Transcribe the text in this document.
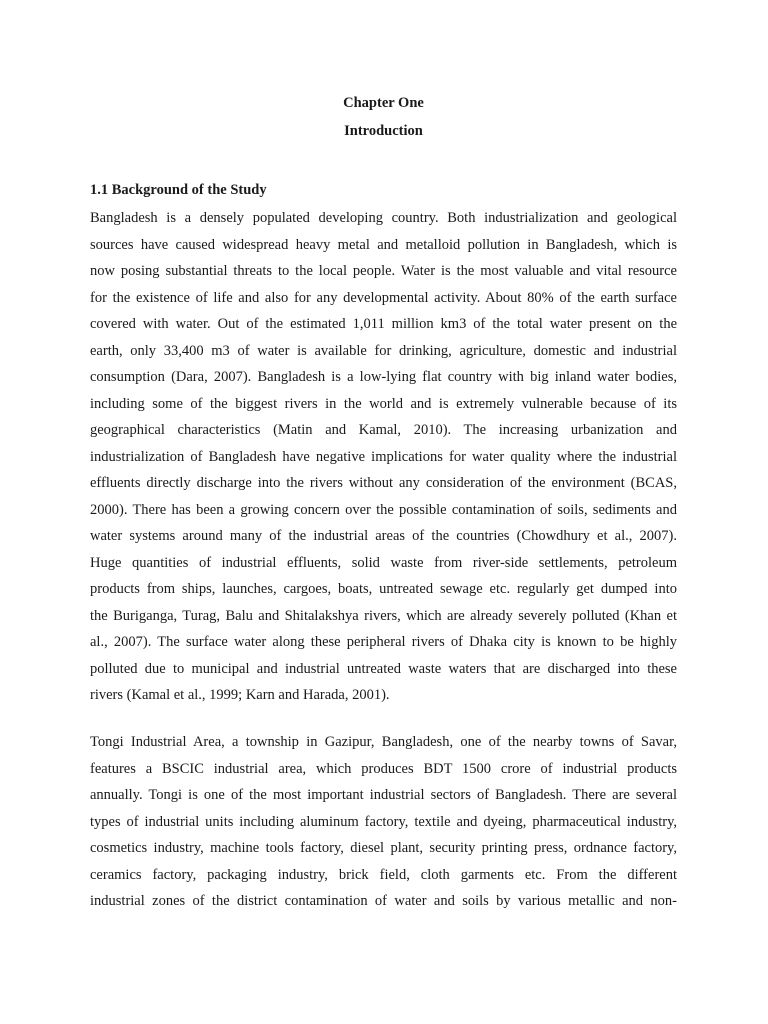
Chapter One
Introduction
1.1 Background of the Study
Bangladesh is a densely populated developing country. Both industrialization and geological
sources have caused widespread heavy metal and metalloid pollution in Bangladesh, which is
now posing substantial threats to the local people. Water is the most valuable and vital resource
for the existence of life and also for any developmental activity. About 80% of the earth surface
covered with water. Out of the estimated 1,011 million km3 of the total water present on the
earth, only 33,400 m3 of water is available for drinking, agriculture, domestic and industrial
consumption (Dara, 2007). Bangladesh is a low-lying flat country with big inland water bodies,
including some of the biggest rivers in the world and is extremely vulnerable because of its
geographical characteristics (Matin and Kamal, 2010). The increasing urbanization and
industrialization of Bangladesh have negative implications for water quality where the industrial
effluents directly discharge into the rivers without any consideration of the environment (BCAS,
2000). There has been a growing concern over the possible contamination of soils, sediments and
water systems around many of the industrial areas of the countries (Chowdhury et al., 2007).
Huge quantities of industrial effluents, solid waste from river-side settlements, petroleum
products from ships, launches, cargoes, boats, untreated sewage etc. regularly get dumped into
the Buriganga, Turag, Balu and Shitalakshya rivers, which are already severely polluted (Khan et
al., 2007). The surface water along these peripheral rivers of Dhaka city is known to be highly
polluted due to municipal and industrial untreated waste waters that are discharged into these
rivers (Kamal et al., 1999; Karn and Harada, 2001).
Tongi Industrial Area, a township in Gazipur, Bangladesh, one of the nearby towns of Savar,
features a BSCIC industrial area, which produces BDT 1500 crore of industrial products
annually. Tongi is one of the most important industrial sectors of Bangladesh. There are several
types of industrial units including aluminum factory, textile and dyeing, pharmaceutical industry,
cosmetics industry, machine tools factory, diesel plant, security printing press, ordnance factory,
ceramics factory, packaging industry, brick field, cloth garments etc. From the different
industrial zones of the district contamination of water and soils by various metallic and non-
